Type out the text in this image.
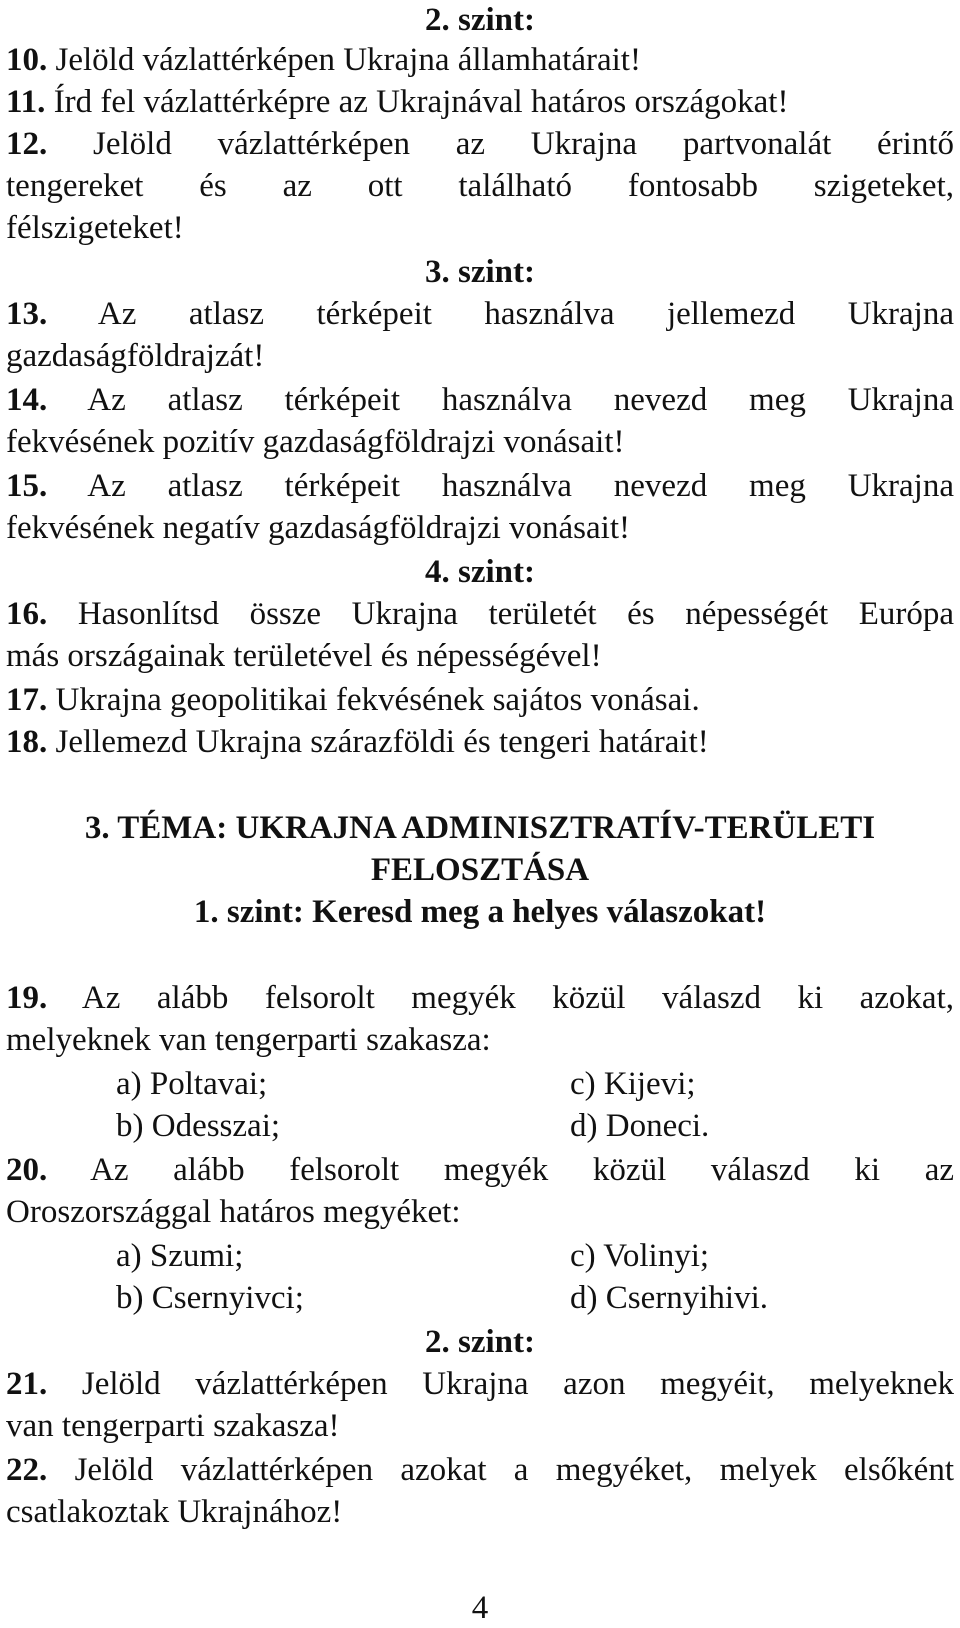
2. szint:
10. Jelöld vázlattérképen Ukrajna államhatárait!
11. Írd fel vázlattérképre az Ukrajnával határos országokat!
12. Jelöld vázlattérképen az Ukrajna partvonalát érintő
tengereket és az ott található fontosabb szigeteket,
félszigeteket!
3. szint:
13. Az atlasz térképeit használva jellemezd Ukrajna
gazdaságföldrajzát!
14. Az atlasz térképeit használva nevezd meg Ukrajna
fekvésének pozitív gazdaságföldrajzi vonásait!
15. Az atlasz térképeit használva nevezd meg Ukrajna
fekvésének negatív gazdaságföldrajzi vonásait!
4. szint:
16. Hasonlítsd össze Ukrajna területét és népességét Európa
más országainak területével és népességével!
17. Ukrajna geopolitikai fekvésének sajátos vonásai.
18. Jellemezd Ukrajna szárazföldi és tengeri határait!
3. TÉMA: UKRAJNA ADMINISZTRATÍV-TERÜLETI
FELOSZTÁSA
1. szint: Keresd meg a helyes válaszokat!
19. Az alább felsorolt megyék közül válaszd ki azokat,
melyeknek van tengerparti szakasza:
a) Poltavai;	c) Kijevi;
b) Odesszai;	d) Doneci.
20. Az alább felsorolt megyék közül válaszd ki az
Oroszországgal határos megyéket:
a) Szumi;	c) Volinyi;
b) Csernyivci;	d) Csernyihivi.
2. szint:
21. Jelöld vázlattérképen Ukrajna azon megyéit, melyeknek
van tengerparti szakasza!
22. Jelöld vázlattérképen azokat a megyéket, melyek elsőként
csatlakoztak Ukrajnához!
4
